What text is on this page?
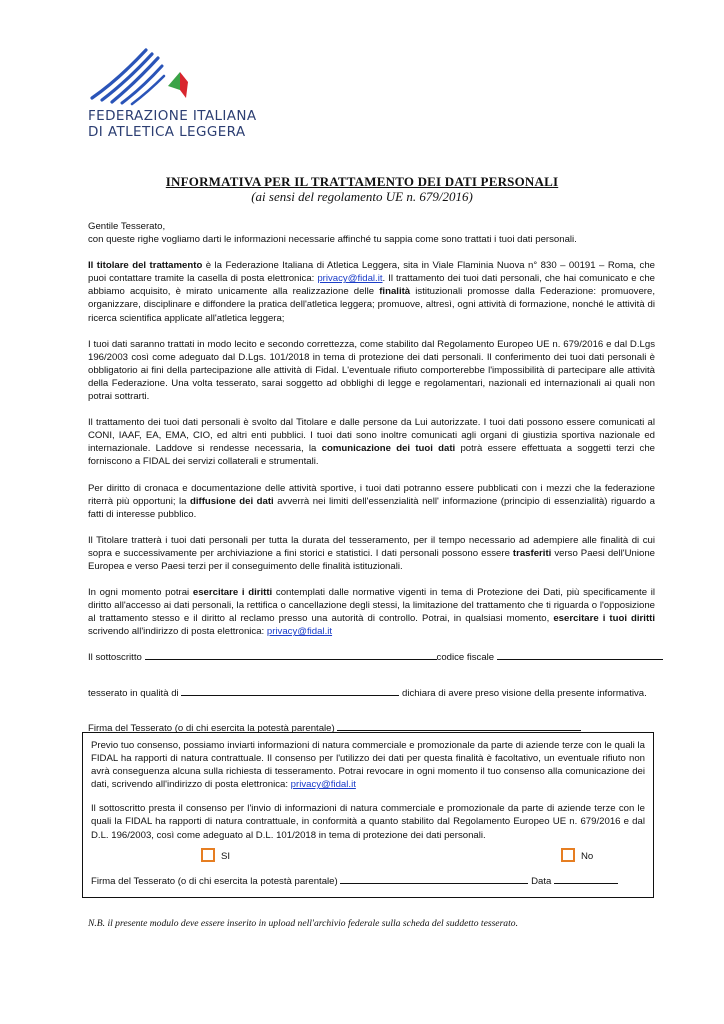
FEDERAZIONE ITALIANA
DI ATLETICA LEGGERA
INFORMATIVA PER IL TRATTAMENTO DEI DATI PERSONALI
(ai sensi del regolamento UE n. 679/2016)

Gentile Tesserato,
con queste righe vogliamo darti le informazioni necessarie affinché tu sappia come sono trattati i tuoi dati personali.

Il titolare del trattamento è la Federazione Italiana di Atletica Leggera, sita in Viale Flaminia Nuova n° 830 – 00191 – Roma, che puoi contattare tramite la casella di posta elettronica: privacy@fidal.it. Il trattamento dei tuoi dati personali, che hai comunicato e che abbiamo acquisito, è mirato unicamente alla realizzazione delle finalità istituzionali promosse dalla Federazione: promuovere, organizzare, disciplinare e diffondere la pratica dell'atletica leggera; promuove, altresì, ogni attività di formazione, nonché le attività di ricerca scientifica applicate all'atletica leggera;

I tuoi dati saranno trattati in modo lecito e secondo correttezza, come stabilito dal Regolamento Europeo UE n. 679/2016 e dal D.Lgs 196/2003 così come adeguato dal D.Lgs. 101/2018 in tema di protezione dei dati personali. Il conferimento dei tuoi dati personali è obbligatorio ai fini della partecipazione alle attività di Fidal. L'eventuale rifiuto comporterebbe l'impossibilità di partecipare alle attività della Federazione. Una volta tesserato, sarai soggetto ad obblighi di legge e regolamentari, nazionali ed internazionali ai quali non potrai sottrarti.

Il trattamento dei tuoi dati personali è svolto dal Titolare e dalle persone da Lui autorizzate. I tuoi dati possono essere comunicati al CONI, IAAF, EA, EMA, CIO, ed altri enti pubblici. I tuoi dati sono inoltre comunicati agli organi di giustizia sportiva nazionale ed internazionale. Laddove si rendesse necessaria, la comunicazione dei tuoi dati potrà essere effettuata a soggetti terzi che forniscono a FIDAL dei servizi collaterali e strumentali.

Per diritto di cronaca e documentazione delle attività sportive, i tuoi dati potranno essere pubblicati con i mezzi che la federazione riterrà più opportuni; la diffusione dei dati avverrà nei limiti dell'essenzialità nell' informazione (principio di essenzialità) riguardo a fatti di interesse pubblico.

Il Titolare tratterà i tuoi dati personali per tutta la durata del tesseramento, per il tempo necessario ad adempiere alle finalità di cui sopra e successivamente per archiviazione a fini storici e statistici. I dati personali possono essere trasferiti verso Paesi dell'Unione Europea e verso Paesi terzi per il conseguimento delle finalità istituzionali.

In ogni momento potrai esercitare i diritti contemplati dalle normative vigenti in tema di Protezione dei Dati, più specificamente il diritto all'accesso ai dati personali, la rettifica o cancellazione degli stessi, la limitazione del trattamento che ti riguarda o l'opposizione al trattamento stesso e il diritto al reclamo presso una autorità di controllo. Potrai, in qualsiasi momento, esercitare i tuoi diritti scrivendo all'indirizzo di posta elettronica: privacy@fidal.it

Il sottoscritto	codice fiscale
tesserato in qualità di	dichiara di avere preso visione della presente informativa.
Firma del Tesserato (o di chi esercita la potestà parentale)

Previo tuo consenso, possiamo inviarti informazioni di natura commerciale e promozionale da parte di aziende terze con le quali la FIDAL ha rapporti di natura contrattuale. Il consenso per l'utilizzo dei dati per questa finalità è facoltativo, un eventuale rifiuto non avrà conseguenza alcuna sulla richiesta di tesseramento. Potrai revocare in ogni momento il tuo consenso alla comunicazione dei dati, scrivendo all'indirizzo di posta elettronica: privacy@fidal.it

Il sottoscritto presta il consenso per l'invio di informazioni di natura commerciale e promozionale da parte di aziende terze con le quali la FIDAL ha rapporti di natura contrattuale, in conformità a quanto stabilito dal Regolamento Europeo UE n. 679/2016 e dal D.L. 196/2003, così come adeguato al D.L. 101/2018 in tema di protezione dei dati personali.

SI	No
Firma del Tesserato (o di chi esercita la potestà parentale)	Data
N.B. il presente modulo deve essere inserito in upload nell'archivio federale sulla scheda del suddetto tesserato.
